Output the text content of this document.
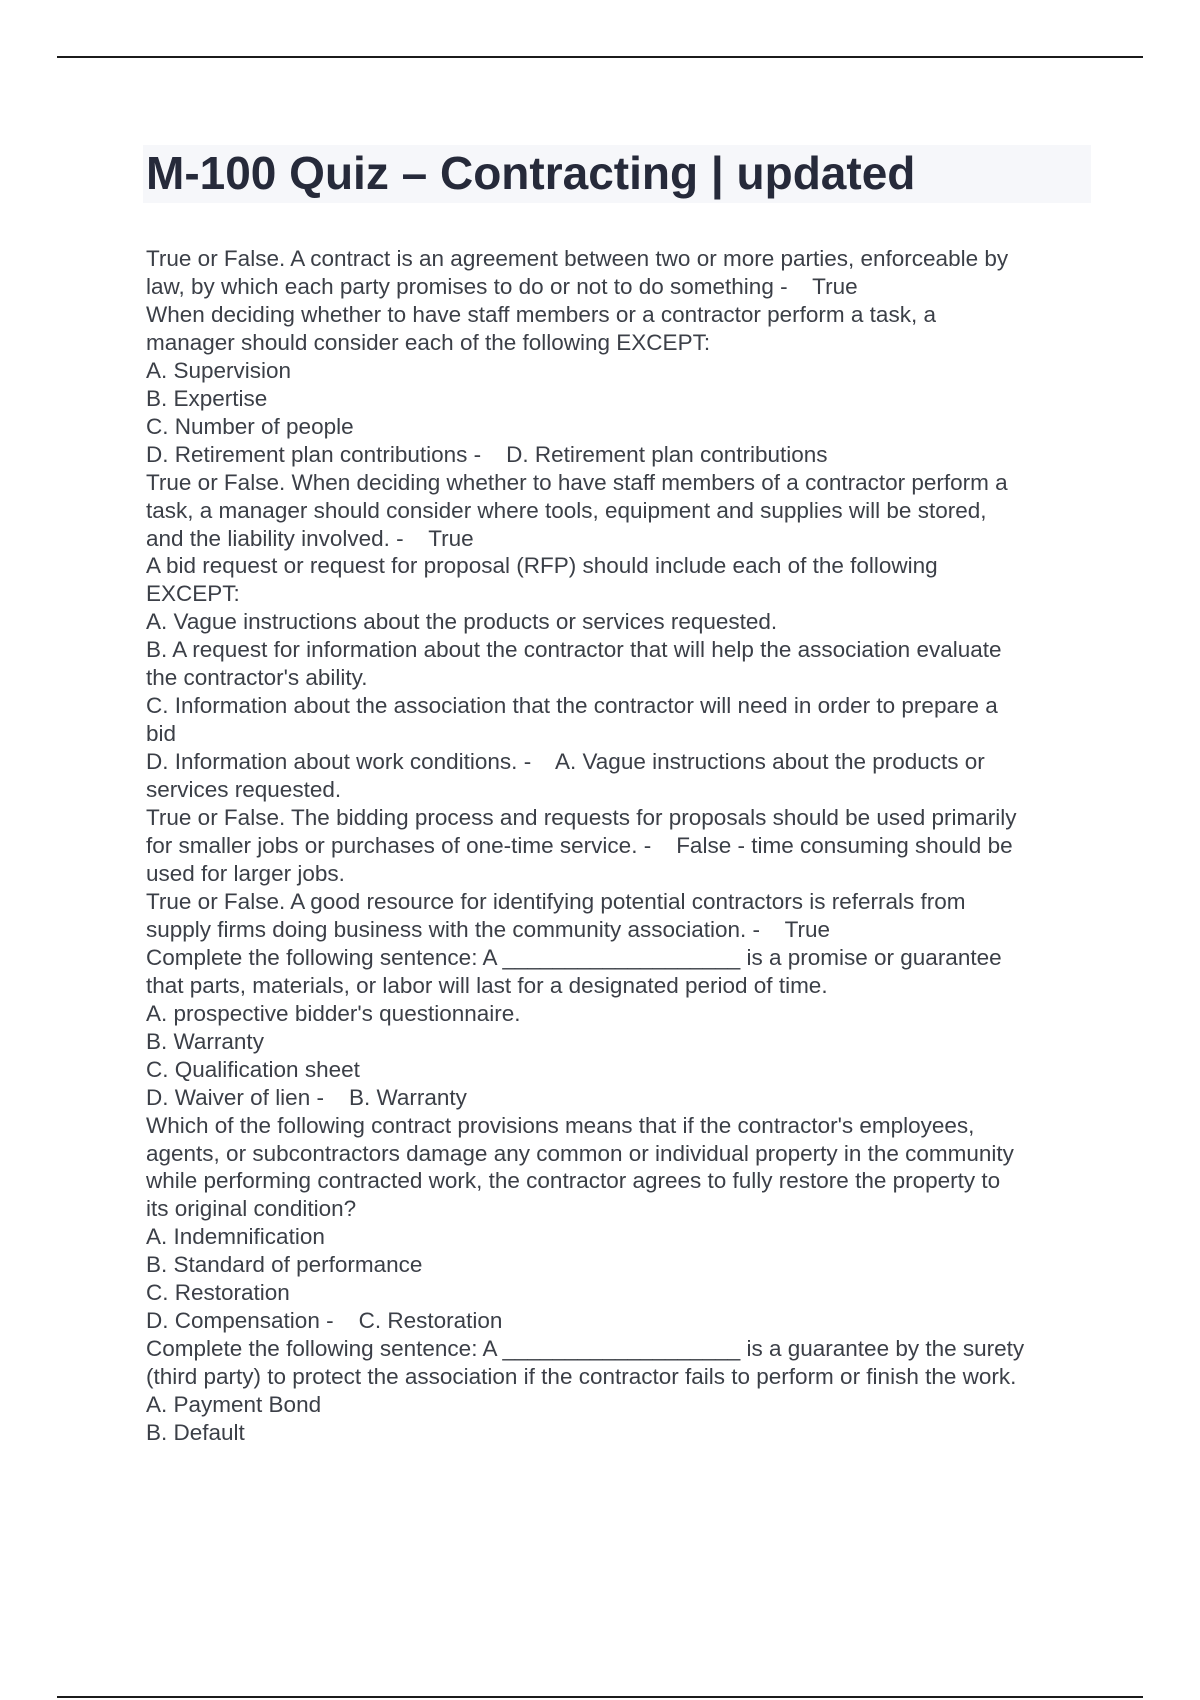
M-100 Quiz – Contracting | updated
True or False. A contract is an agreement between two or more parties, enforceable by
law, by which each party promises to do or not to do something -    True
When deciding whether to have staff members or a contractor perform a task, a
manager should consider each of the following EXCEPT:
A. Supervision
B. Expertise
C. Number of people
D. Retirement plan contributions -    D. Retirement plan contributions
True or False. When deciding whether to have staff members of a contractor perform a
task, a manager should consider where tools, equipment and supplies will be stored,
and the liability involved. -    True
A bid request or request for proposal (RFP) should include each of the following
EXCEPT:
A. Vague instructions about the products or services requested.
B. A request for information about the contractor that will help the association evaluate
the contractor's ability.
C. Information about the association that the contractor will need in order to prepare a
bid
D. Information about work conditions. -    A. Vague instructions about the products or
services requested.
True or False. The bidding process and requests for proposals should be used primarily
for smaller jobs or purchases of one-time service. -    False - time consuming should be
used for larger jobs.
True or False. A good resource for identifying potential contractors is referrals from
supply firms doing business with the community association. -    True
Complete the following sentence: A ___________________ is a promise or guarantee
that parts, materials, or labor will last for a designated period of time.
A. prospective bidder's questionnaire.
B. Warranty
C. Qualification sheet
D. Waiver of lien -    B. Warranty
Which of the following contract provisions means that if the contractor's employees,
agents, or subcontractors damage any common or individual property in the community
while performing contracted work, the contractor agrees to fully restore the property to
its original condition?
A. Indemnification
B. Standard of performance
C. Restoration
D. Compensation -    C. Restoration
Complete the following sentence: A ___________________ is a guarantee by the surety
(third party) to protect the association if the contractor fails to perform or finish the work.
A. Payment Bond
B. Default
